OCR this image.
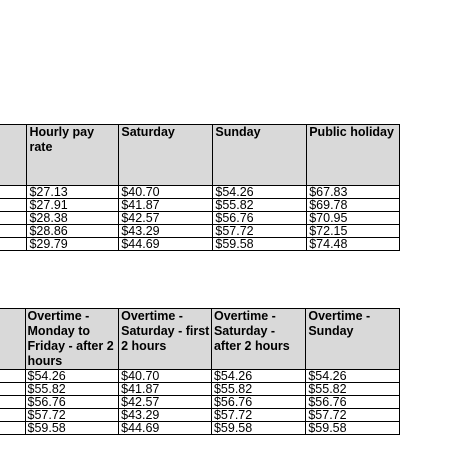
	Hourly pay
rate	Saturday	Sunday	Public holiday
	$27.13	$40.70	$54.26	$67.83
	$27.91	$41.87	$55.82	$69.78
	$28.38	$42.57	$56.76	$70.95
	$28.86	$43.29	$57.72	$72.15
	$29.79	$44.69	$59.58	$74.48
	Overtime -
Monday to
Friday - after 2
hours	Overtime -
Saturday - first
2 hours	Overtime -
Saturday -
after 2 hours	Overtime -
Sunday
	$54.26	$40.70	$54.26	$54.26
	$55.82	$41.87	$55.82	$55.82
	$56.76	$42.57	$56.76	$56.76
	$57.72	$43.29	$57.72	$57.72
	$59.58	$44.69	$59.58	$59.58
